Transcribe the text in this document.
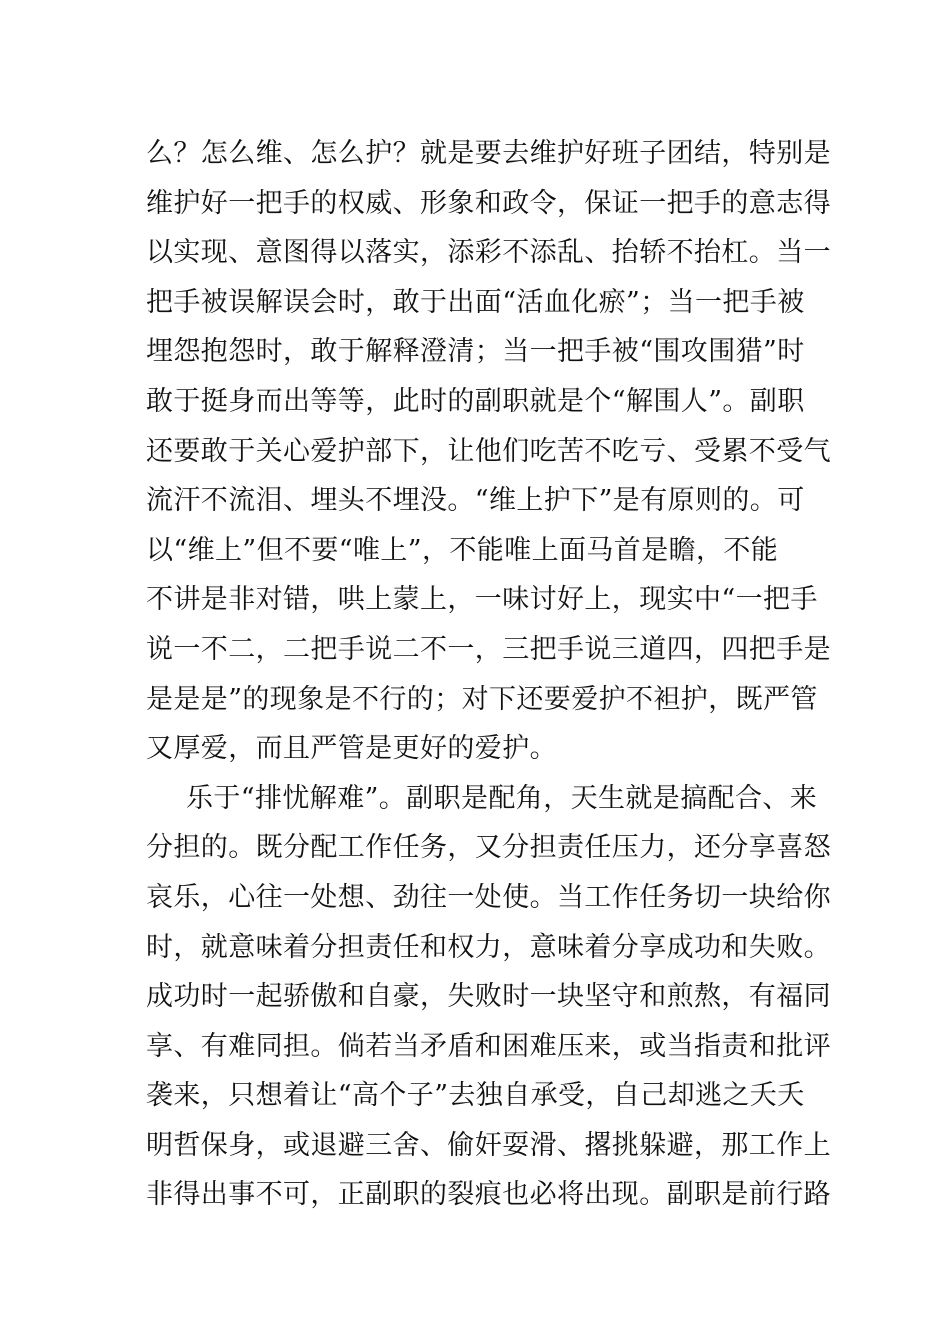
么？怎么维、怎么护？就是要去维护好班子团结，特别是
维护好一把手的权威、形象和政令，保证一把手的意志得
以实现、意图得以落实，添彩不添乱、抬轿不抬杠。当一
把手被误解误会时，敢于出面“活血化瘀”；当一把手被
埋怨抱怨时，敢于解释澄清；当一把手被“围攻围猎”时
敢于挺身而出等等，此时的副职就是个“解围人”。副职
还要敢于关心爱护部下，让他们吃苦不吃亏、受累不受气
流汗不流泪、埋头不埋没。“维上护下”是有原则的。可
以“维上”但不要“唯上”，不能唯上面马首是瞻，不能
不讲是非对错，哄上蒙上，一味讨好上，现实中“一把手
说一不二，二把手说二不一，三把手说三道四，四把手是
是是是”的现象是不行的；对下还要爱护不袒护，既严管
又厚爱，而且严管是更好的爱护。
乐于“排忧解难”。副职是配角，天生就是搞配合、来
分担的。既分配工作任务，又分担责任压力，还分享喜怒
哀乐，心往一处想、劲往一处使。当工作任务切一块给你
时，就意味着分担责任和权力，意味着分享成功和失败。
成功时一起骄傲和自豪，失败时一块坚守和煎熬，有福同
享、有难同担。倘若当矛盾和困难压来，或当指责和批评
袭来，只想着让“高个子”去独自承受，自己却逃之夭夭
明哲保身，或退避三舍、偷奸耍滑、撂挑躲避，那工作上
非得出事不可，正副职的裂痕也必将出现。副职是前行路
